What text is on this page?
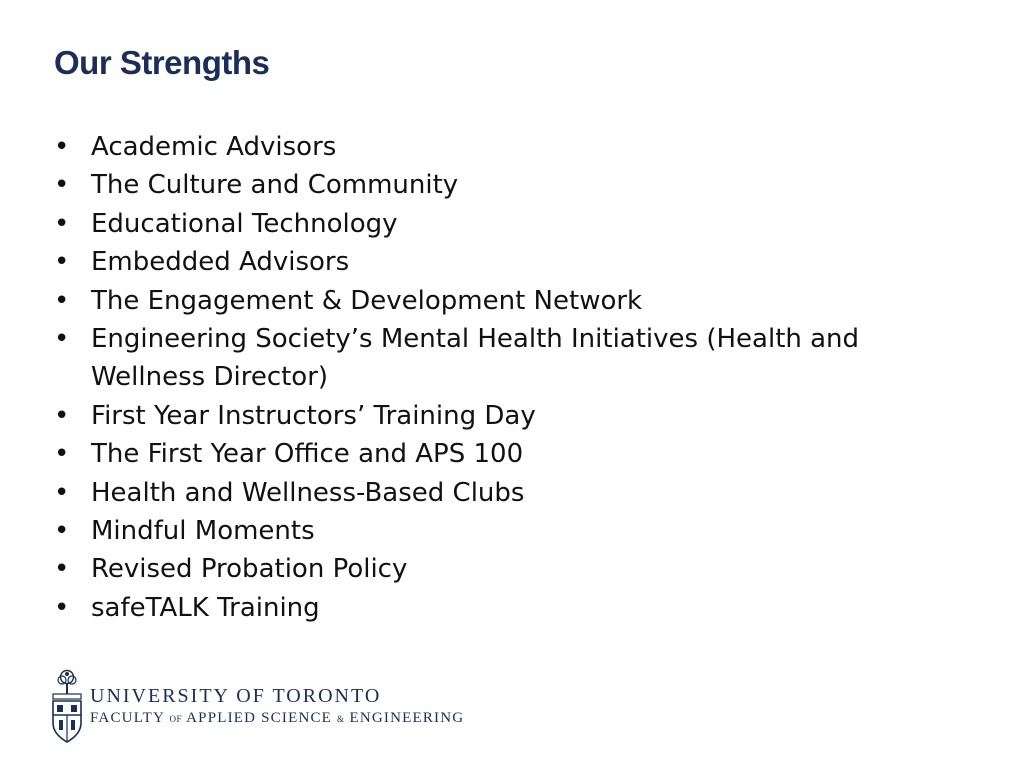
Our Strengths
• Academic Advisors
• The Culture and Community
• Educational Technology
• Embedded Advisors
• The Engagement & Development Network
• Engineering Society’s Mental Health Initiatives (Health and Wellness Director)
• First Year Instructors’ Training Day
• The First Year Office and APS 100
• Health and Wellness-Based Clubs
• Mindful Moments
• Revised Probation Policy
• safeTALK Training
UNIVERSITY OF TORONTO
FACULTY OF APPLIED SCIENCE & ENGINEERING
